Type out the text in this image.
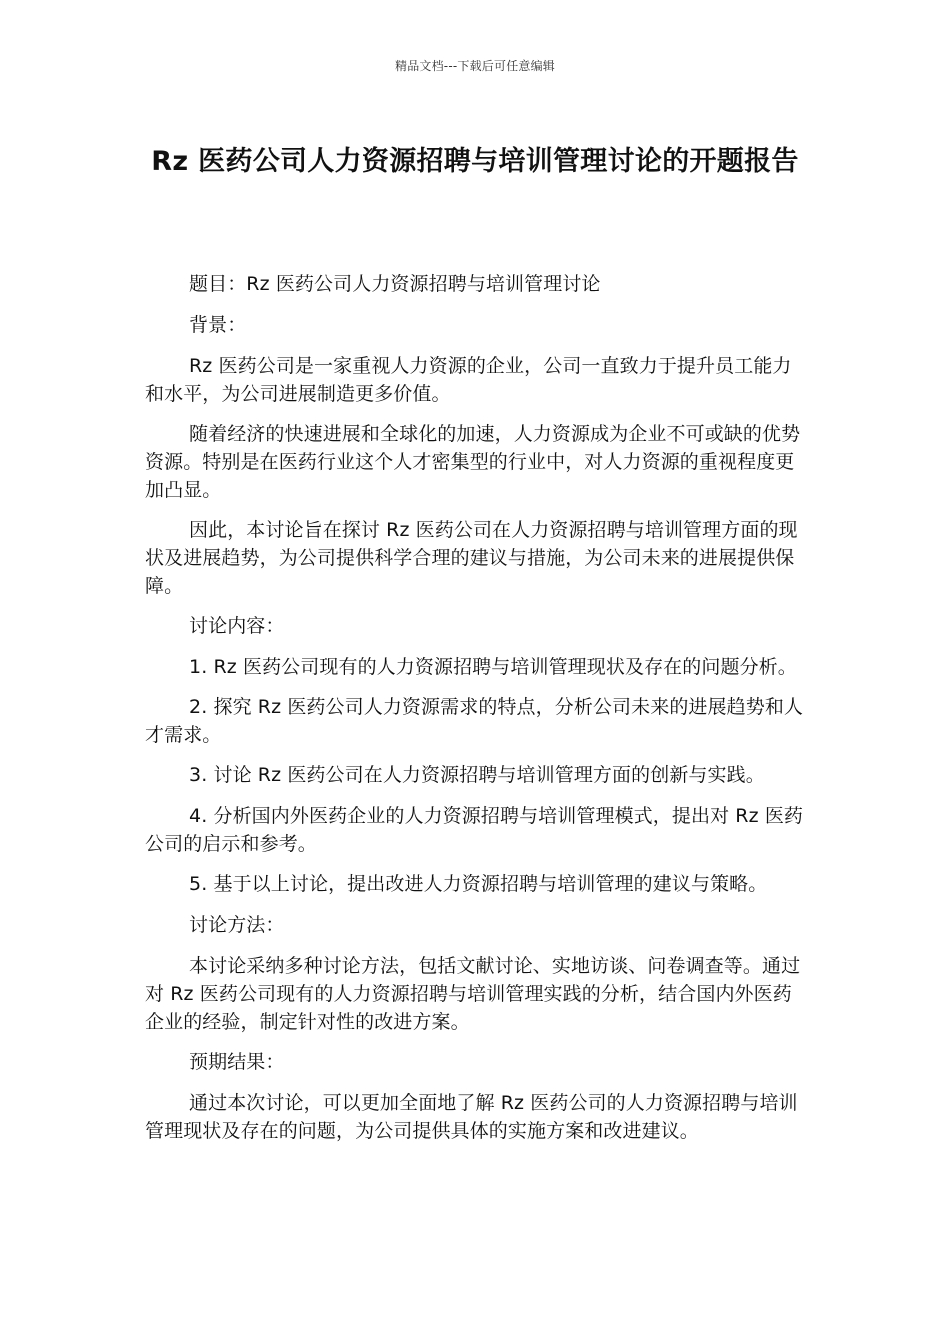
精品文档---下载后可任意编辑
Rz 医药公司人力资源招聘与培训管理讨论的开题报告

题目：Rz 医药公司人力资源招聘与培训管理讨论

背景：

Rz 医药公司是一家重视人力资源的企业，公司一直致力于提升员工能力和水平，为公司进展制造更多价值。

随着经济的快速进展和全球化的加速，人力资源成为企业不可或缺的优势资源。特别是在医药行业这个人才密集型的行业中，对人力资源的重视程度更加凸显。

因此，本讨论旨在探讨 Rz 医药公司在人力资源招聘与培训管理方面的现状及进展趋势，为公司提供科学合理的建议与措施，为公司未来的进展提供保障。

讨论内容：

1. Rz 医药公司现有的人力资源招聘与培训管理现状及存在的问题分析。

2. 探究 Rz 医药公司人力资源需求的特点，分析公司未来的进展趋势和人才需求。

3. 讨论 Rz 医药公司在人力资源招聘与培训管理方面的创新与实践。

4. 分析国内外医药企业的人力资源招聘与培训管理模式，提出对 Rz 医药公司的启示和参考。

5. 基于以上讨论，提出改进人力资源招聘与培训管理的建议与策略。

讨论方法：

本讨论采纳多种讨论方法，包括文献讨论、实地访谈、问卷调查等。通过对 Rz 医药公司现有的人力资源招聘与培训管理实践的分析，结合国内外医药企业的经验，制定针对性的改进方案。

预期结果：

通过本次讨论，可以更加全面地了解 Rz 医药公司的人力资源招聘与培训管理现状及存在的问题，为公司提供具体的实施方案和改进建议。
